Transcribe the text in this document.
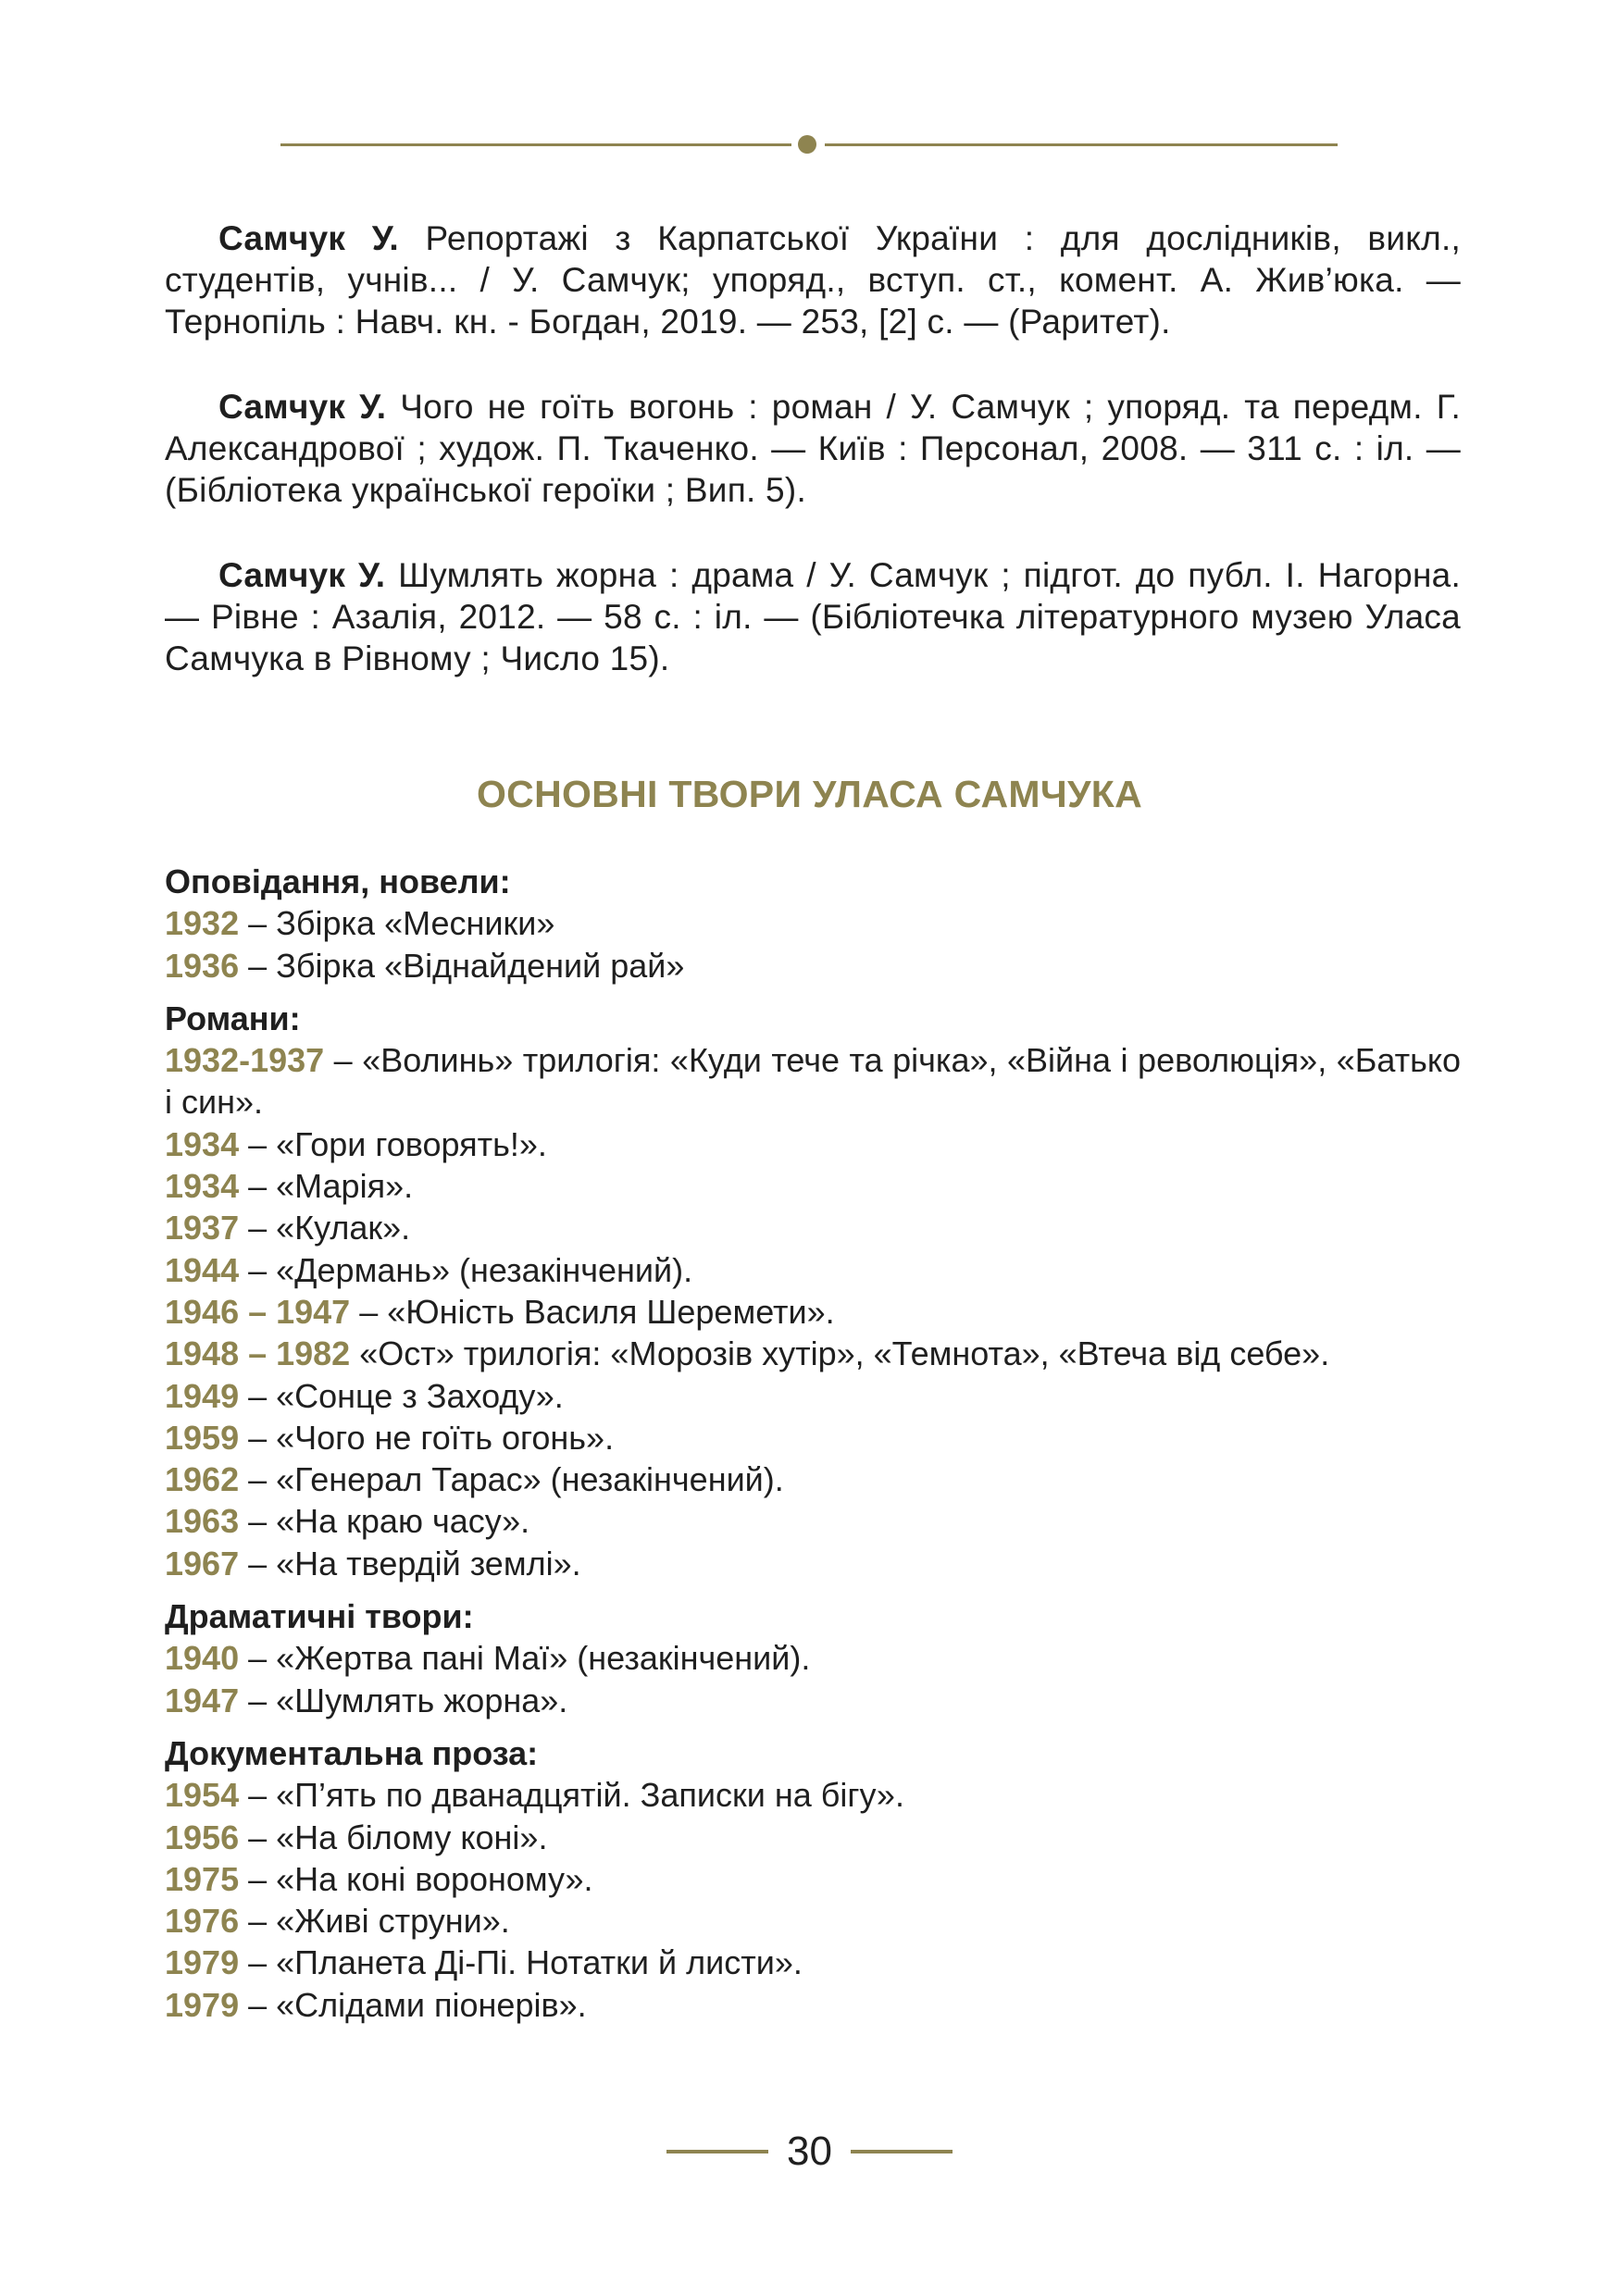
Самчук У. Репортажі з Карпатської України : для дослідників, викл., студентів, учнів... / У. Самчук; упоряд., вступ. ст., комент. А. Жив’юка. — Тернопіль : Навч. кн. - Богдан, 2019. — 253, [2] с. — (Раритет).

Самчук У. Чого не гоїть вогонь : роман / У. Самчук ; упоряд. та передм. Г. Александрової ; худож. П. Ткаченко. — Київ : Персонал, 2008. — 311 с. : іл. — (Бібліотека української героїки ; Вип. 5).

Самчук У. Шумлять жорна : драма / У. Самчук ; підгот. до публ. І. Нагорна. — Рівне : Азалія, 2012. — 58 с. : іл. — (Бібліотечка літературного музею Уласа Самчука в Рівному ; Число 15).

ОСНОВНІ ТВОРИ УЛАСА САМЧУКА
Оповідання, новели:
1932 – Збірка «Месники»
1936 – Збірка «Віднайдений рай»
Романи:
1932-1937 – «Волинь» трилогія: «Куди тече та річка», «Війна і революція», «Батько і син».
1934 – «Гори говорять!».
1934 – «Марія».
1937 – «Кулак».
1944 – «Дермань» (незакінчений).
1946 – 1947 – «Юність Василя Шеремети».
1948 – 1982 «Ост» трилогія: «Морозів хутір», «Темнота», «Втеча від себе».
1949 – «Сонце з Заходу».
1959 – «Чого не гоїть огонь».
1962 – «Генерал Тарас» (незакінчений).
1963 – «На краю часу».
1967 – «На твердій землі».
Драматичні твори:
1940 – «Жертва пані Маї» (незакінчений).
1947 – «Шумлять жорна».
Документальна проза:
1954 – «П’ять по дванадцятій. Записки на бігу».
1956 – «На білому коні».
1975 – «На коні вороному».
1976 – «Живі струни».
1979 – «Планета Ді-Пі. Нотатки й листи».
1979 – «Слідами піонерів».
30
